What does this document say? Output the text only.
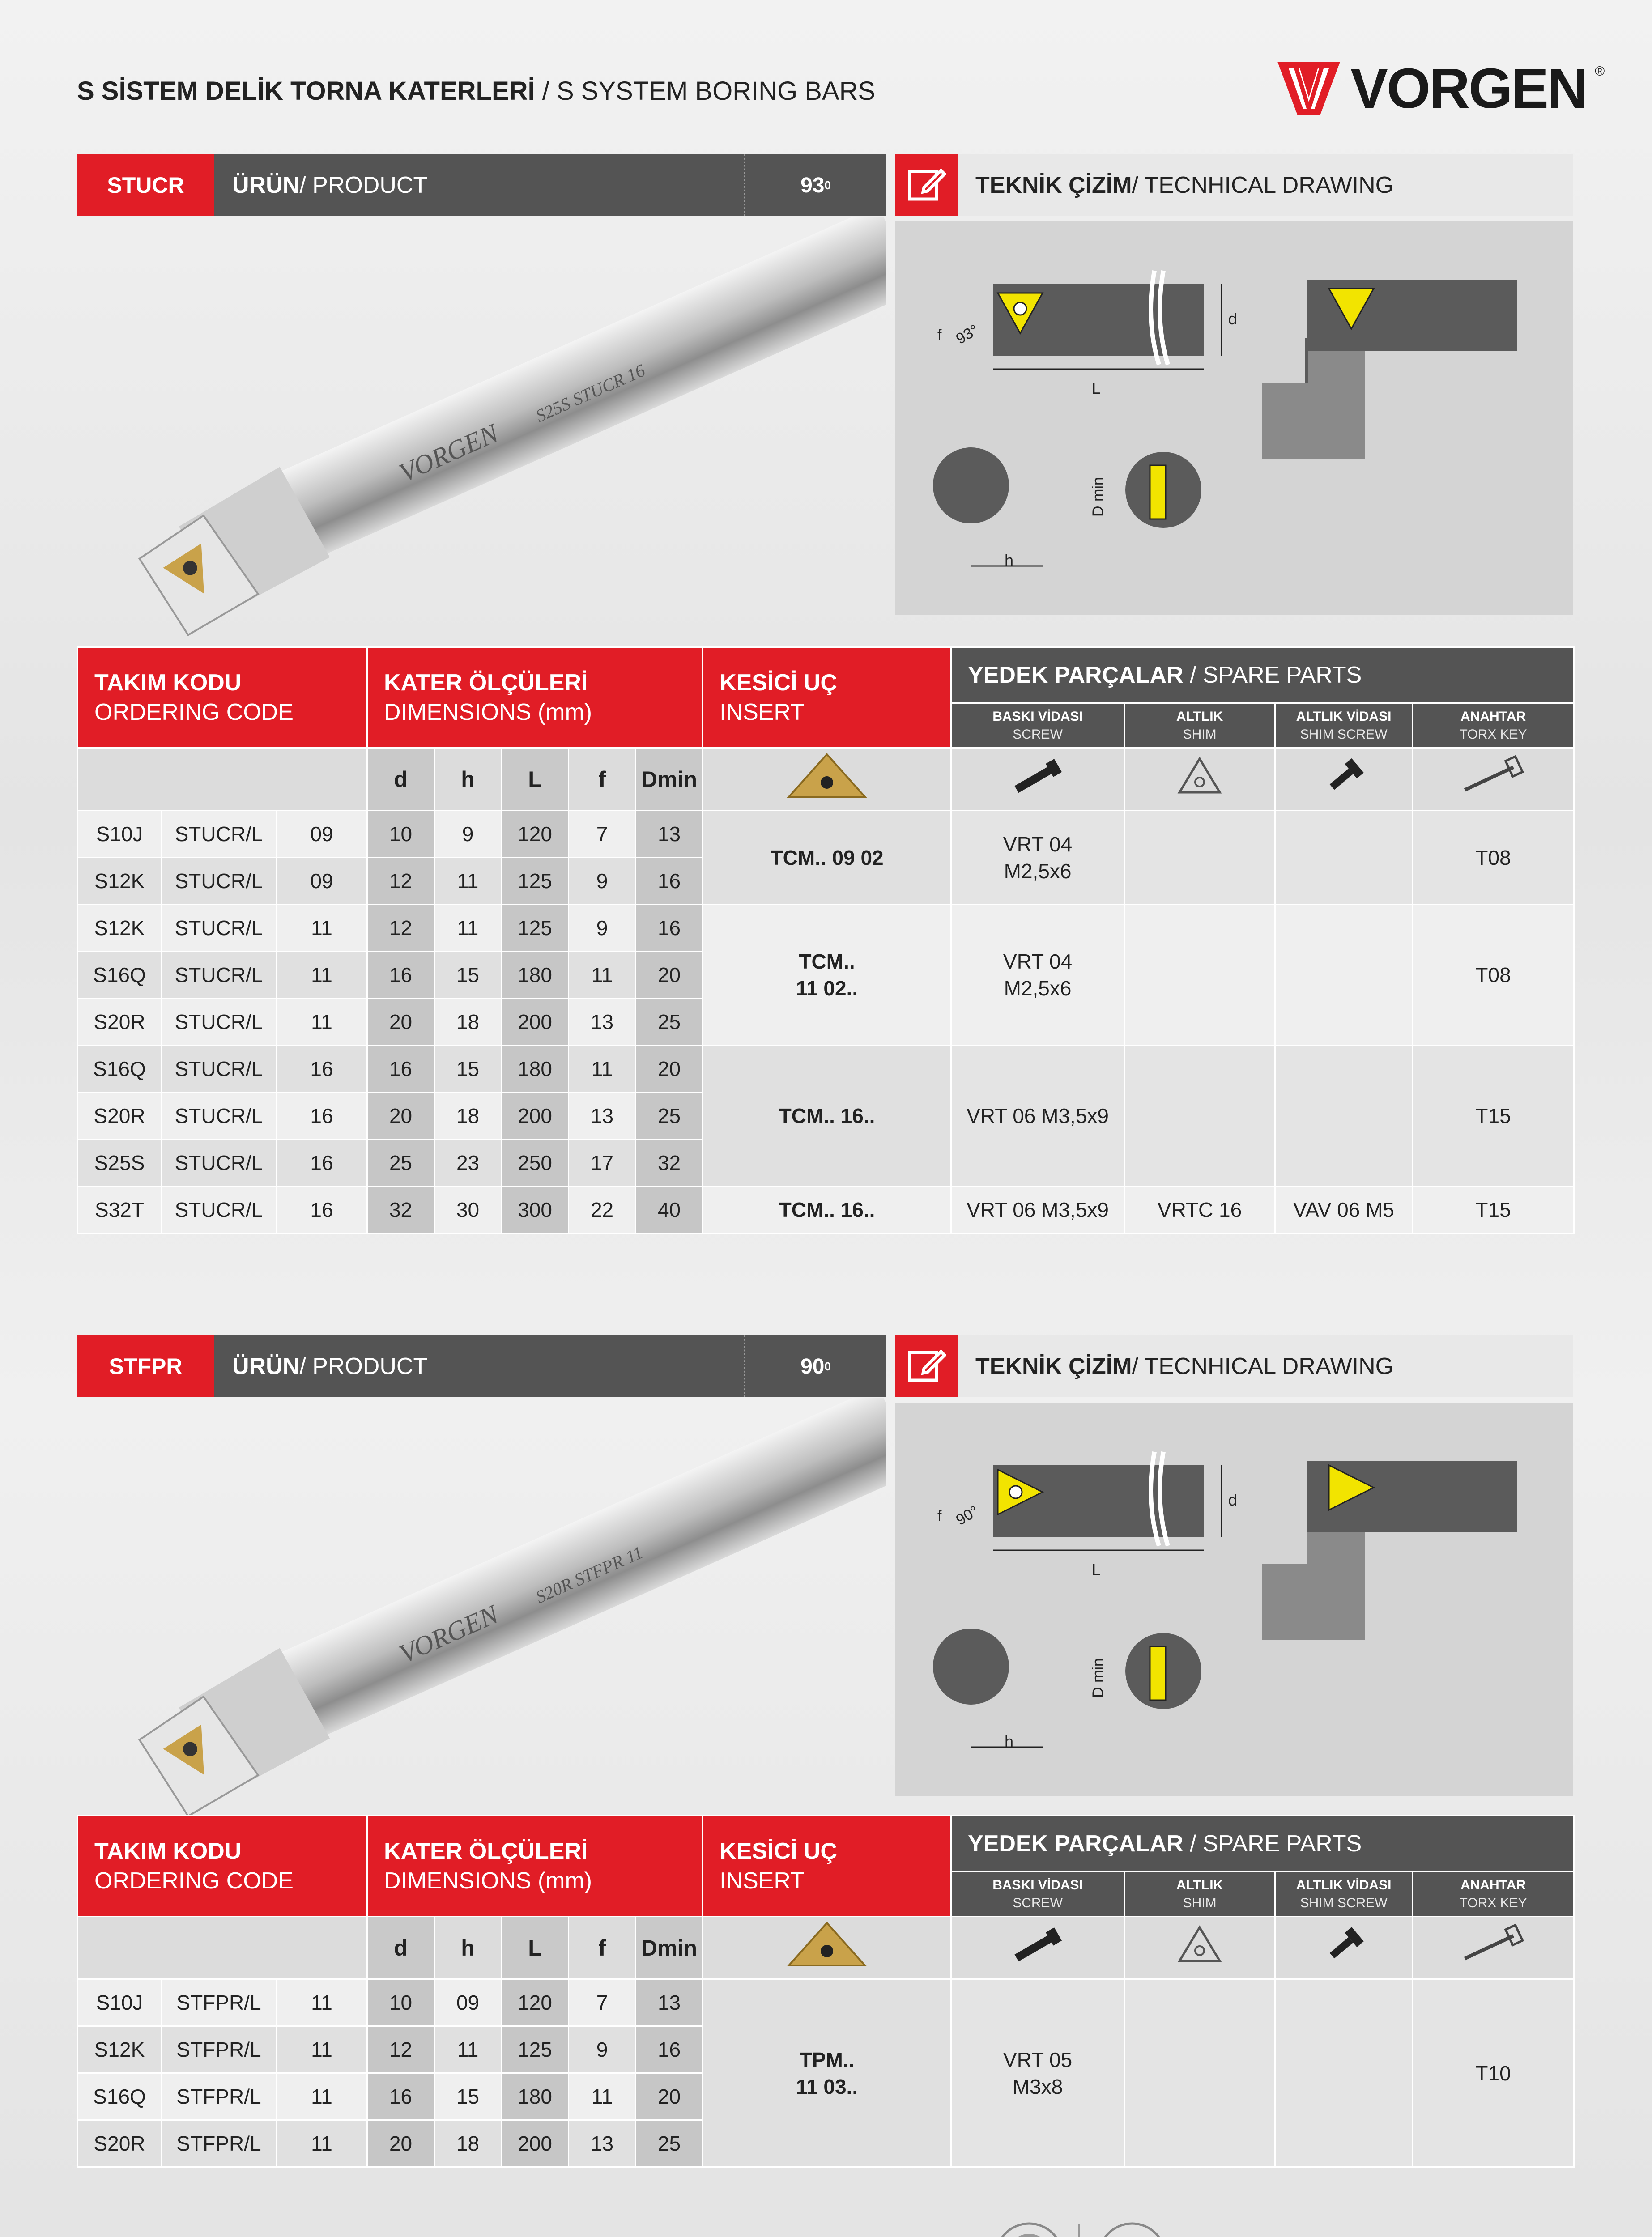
S SİSTEM DELİK TORNA KATERLERİ / S SYSTEM BORING BARS	VORGEN ®
STUCR	ÜRÜN / PRODUCT	93 0	TEKNİK ÇİZİM / TECNHICAL DRAWING
VORGEN
S25S STUCR 16	L
d
f 93°
h
D min
TAKIM KODU
ORDERING CODE			KATER ÖLÇÜLERİ
DIMENSIONS (mm)					KESİCİ UÇ
INSERT	YEDEK PARÇALAR / SPARE PARTS			

									BASKI VİDASI
SCREW	ALTLIK
SHIM	ALTLIK VİDASI
SHIM SCREW	ANAHTAR
TORX KEY

			d	h	L	f	Dmin					
S10J	STUCR/L	09	10	9	120	7	13	TCM.. 09 02	VRT 04
M2,5x6			T08
S12K	STUCR/L	09	12	11	125	9	16					
S12K	STUCR/L	11	12	11	125	9	16	TCM..
11 02..	VRT 04
M2,5x6			T08
S16Q	STUCR/L	11	16	15	180	11	20					
S20R	STUCR/L	11	20	18	200	13	25					
S16Q	STUCR/L	16	16	15	180	11	20	TCM.. 16..	VRT 06 M3,5x9			T15
S20R	STUCR/L	16	20	18	200	13	25					
S25S	STUCR/L	16	25	23	250	17	32					
S32T	STUCR/L	16	32	30	300	22	40	TCM.. 16..	VRT 06 M3,5x9	VRTC 16	VAV 06 M5	T15
STFPR	ÜRÜN / PRODUCT	90 0	TEKNİK ÇİZİM / TECNHICAL DRAWING
VORGEN
S20R STFPR 11	L
d
f 90°
h
D min
TAKIM KODU
ORDERING CODE			KATER ÖLÇÜLERİ
DIMENSIONS (mm)					KESİCİ UÇ
INSERT	YEDEK PARÇALAR / SPARE PARTS			

									BASKI VİDASI
SCREW	ALTLIK
SHIM	ALTLIK VİDASI
SHIM SCREW	ANAHTAR
TORX KEY

			d	h	L	f	Dmin					
S10J	STFPR/L	11	10	09	120	7	13	TPM..
11 03..	VRT 05
M3x8			T10
S12K	STFPR/L	11	12	11	125	9	16					
S16Q	STFPR/L	11	16	15	180	11	20					
S20R	STFPR/L	11	20	18	200	13	25					
